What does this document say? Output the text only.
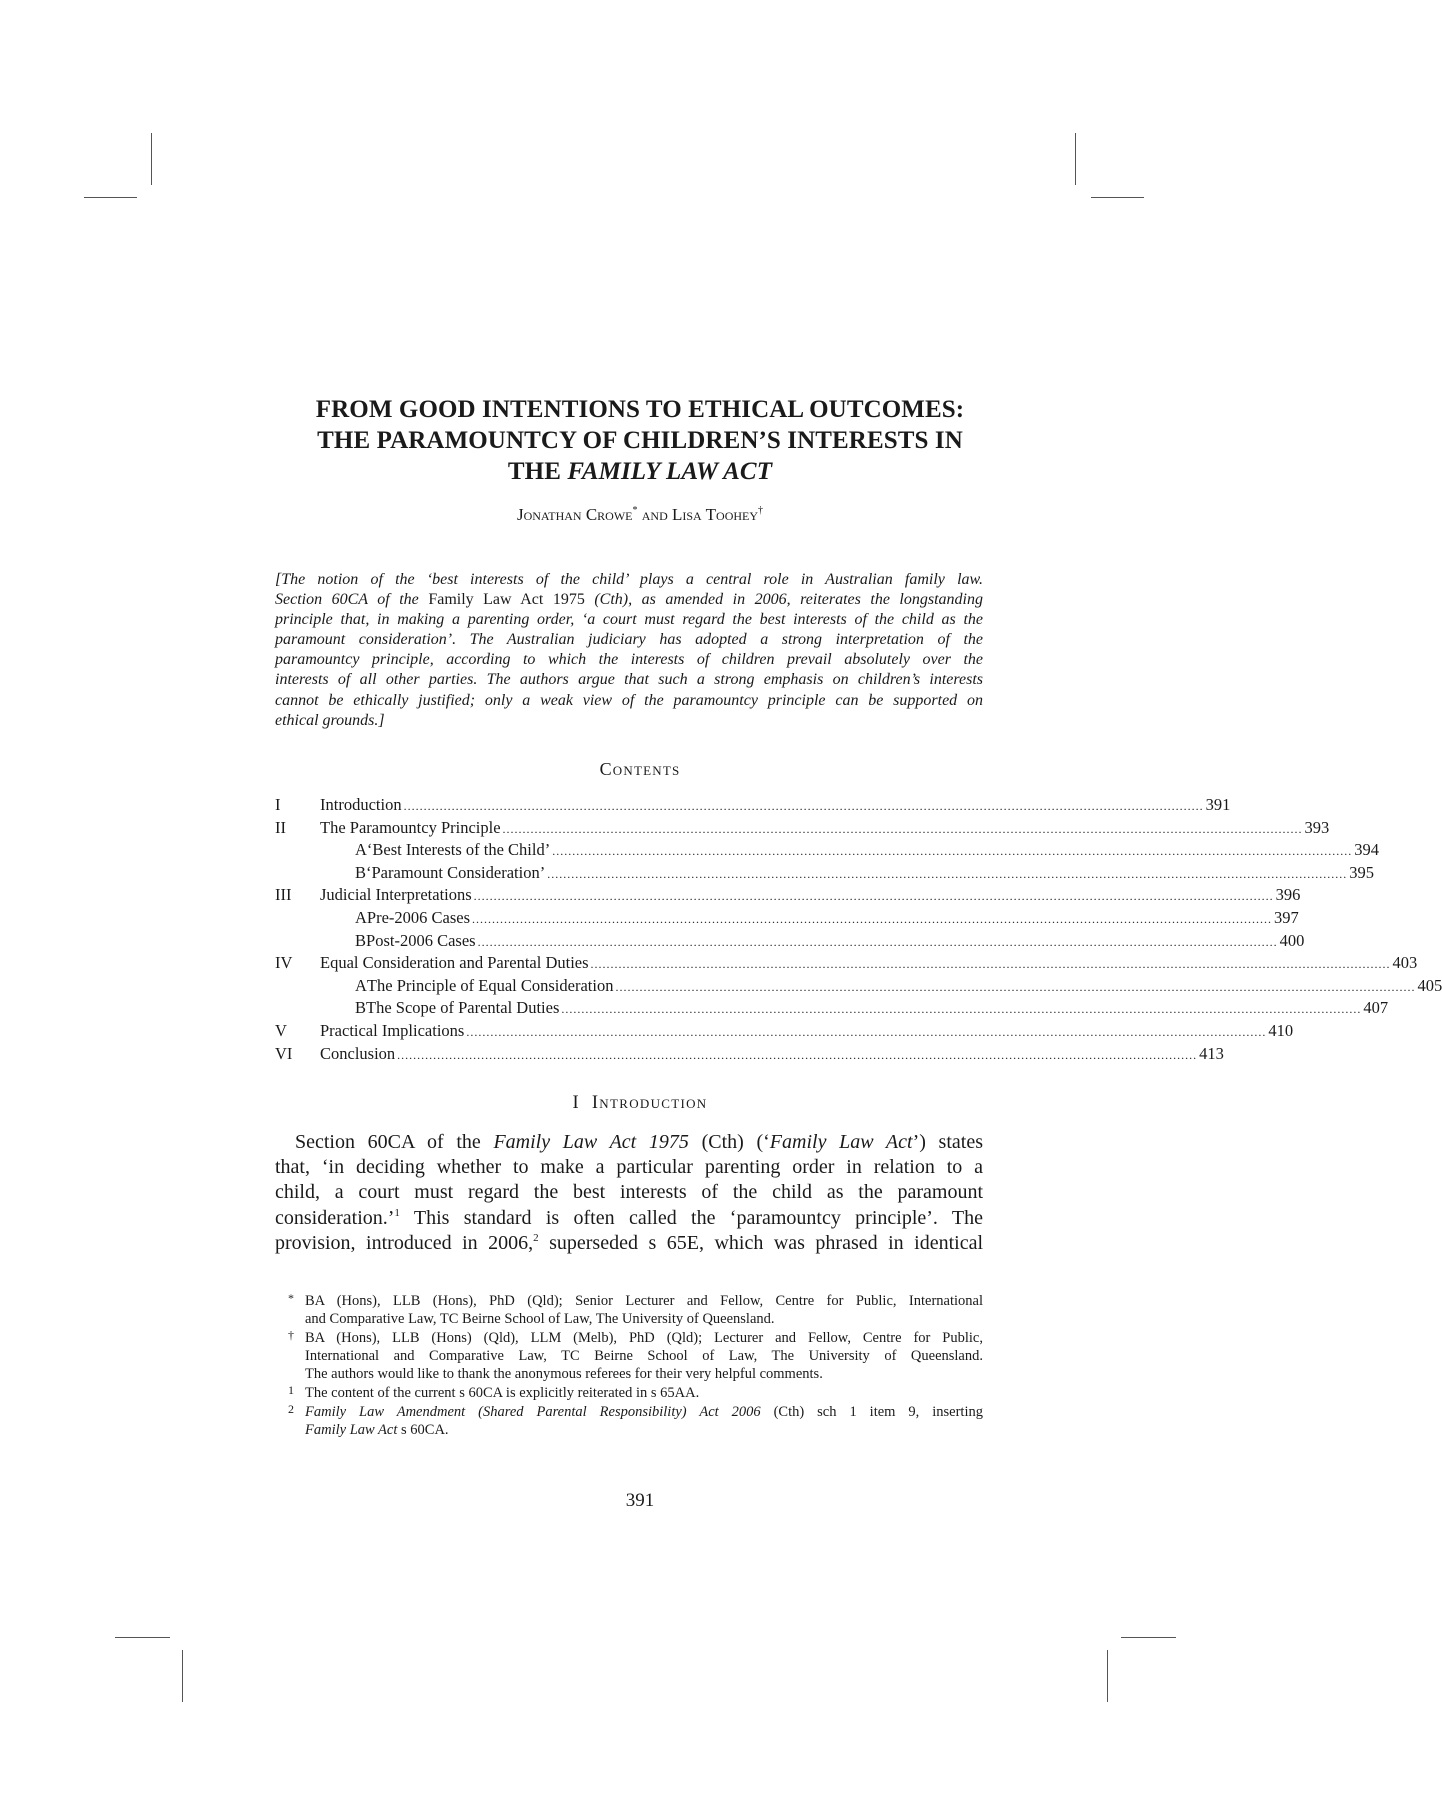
FROM GOOD INTENTIONS TO ETHICAL OUTCOMES:
THE PARAMOUNTCY OF CHILDREN’S INTERESTS IN
THE FAMILY LAW ACT
Jonathan Crowe* and Lisa Toohey†
[The notion of the ‘best interests of the child’ plays a central role in Australian family law.
Section 60CA of the Family Law Act 1975 (Cth), as amended in 2006, reiterates the longstanding
principle that, in making a parenting order, ‘a court must regard the best interests of the child as the
paramount consideration’. The Australian judiciary has adopted a strong interpretation of the
paramountcy principle, according to which the interests of children prevail absolutely over the
interests of all other parties. The authors argue that such a strong emphasis on children’s interests
cannot be ethically justified; only a weak view of the paramountcy principle can be supported on
ethical grounds.]
Contents
I	Introduction ........................................................................................................................................................................................................ 391
II	The Paramountcy Principle ........................................................................................................................................................................................................ 393
A ‘Best Interests of the Child’ ........................................................................................................................................................................................................ 394
B ‘Paramount Consideration’ ........................................................................................................................................................................................................ 395
III	Judicial Interpretations ........................................................................................................................................................................................................ 396
A Pre-2006 Cases ........................................................................................................................................................................................................ 397
B Post-2006 Cases ........................................................................................................................................................................................................ 400
IV	Equal Consideration and Parental Duties ........................................................................................................................................................................................................ 403
A The Principle of Equal Consideration ........................................................................................................................................................................................................ 405
B The Scope of Parental Duties ........................................................................................................................................................................................................ 407
V	Practical Implications ........................................................................................................................................................................................................ 410
VI	Conclusion ........................................................................................................................................................................................................ 413
I Introduction
Section 60CA of the Family Law Act 1975 (Cth) (‘Family Law Act’) states
that, ‘in deciding whether to make a particular parenting order in relation to a
child, a court must regard the best interests of the child as the paramount
consideration.’$^1$ This standard is often called the ‘paramountcy principle’. The
provision, introduced in 2006,$^2$ superseded s 65E, which was phrased in identical
* BA (Hons), LLB (Hons), PhD (Qld); Senior Lecturer and Fellow, Centre for Public, International
and Comparative Law, TC Beirne School of Law, The University of Queensland.
† BA (Hons), LLB (Hons) (Qld), LLM (Melb), PhD (Qld); Lecturer and Fellow, Centre for Public,
International and Comparative Law, TC Beirne School of Law, The University of Queensland.
The authors would like to thank the anonymous referees for their very helpful comments.
1 The content of the current s 60CA is explicitly reiterated in s 65AA.
2 Family Law Amendment (Shared Parental Responsibility) Act 2006 (Cth) sch 1 item 9, inserting
Family Law Act s 60CA.
391
